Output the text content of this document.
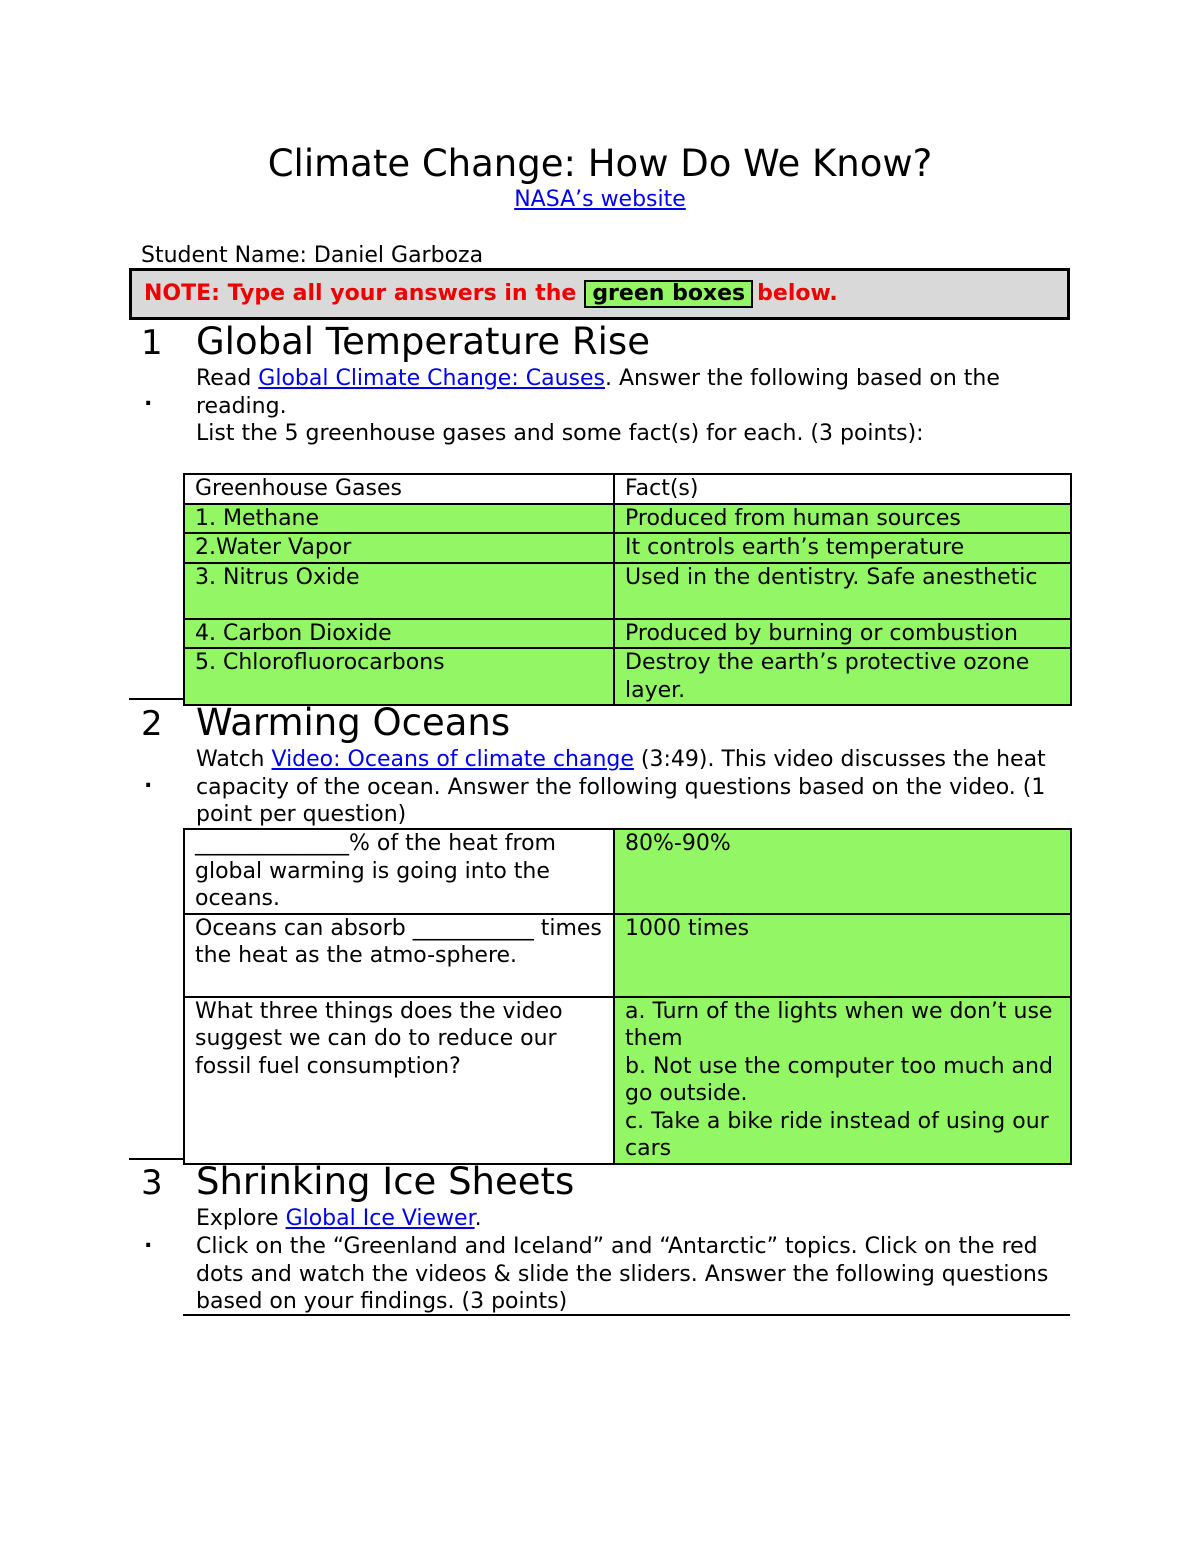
Climate Change: How Do We Know?
NASA’s website
Student Name: Daniel Garboza
NOTE: Type all your answers in the green boxes below.
1
.
Global Temperature Rise
Read Global Climate Change: Causes. Answer the following based on the reading.
List the 5 greenhouse gases and some fact(s) for each. (3 points):
Greenhouse Gases	Fact(s)
1. Methane	Produced from human sources
2.Water Vapor	It controls earth’s temperature
3. Nitrus Oxide	Used in the dentistry. Safe anesthetic
4. Carbon Dioxide	Produced by burning or combustion
5. Chlorofluorocarbons	Destroy the earth’s protective ozone layer.
2
.
Warming Oceans
Watch Video: Oceans of climate change (3:49). This video discusses the heat capacity of the ocean. Answer the following questions based on the video. (1 point per question)
______________% of the heat from global warming is going into the oceans.	80%-90%
Oceans can absorb ___________ times the heat as the atmo-sphere.	1000 times
What three things does the video suggest we can do to reduce our fossil fuel consumption?	a. Turn of the lights when we don’t use them
b. Not use the computer too much and go outside.
c. Take a bike ride instead of using our cars
3
.
Shrinking Ice Sheets
Explore Global Ice Viewer.
Click on the “Greenland and Iceland” and “Antarctic” topics. Click on the red dots and watch the videos & slide the sliders. Answer the following questions based on your findings. (3 points)
